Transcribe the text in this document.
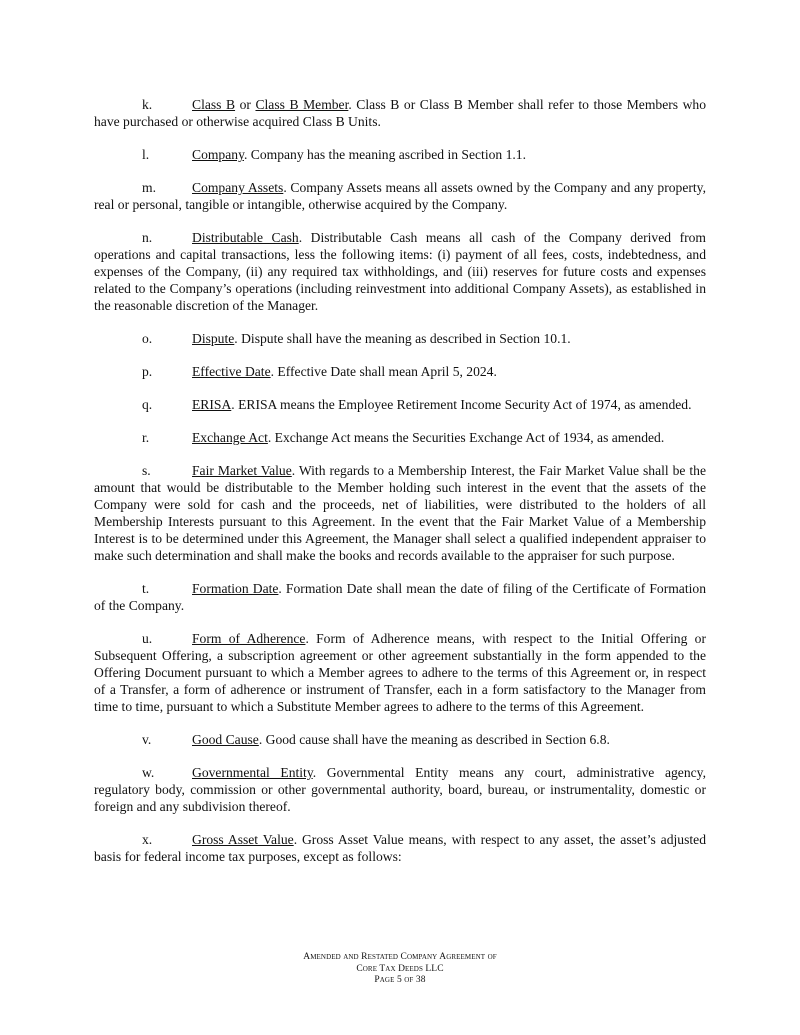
k.	Class B or Class B Member. Class B or Class B Member shall refer to those Members who have purchased or otherwise acquired Class B Units.

l.	Company. Company has the meaning ascribed in Section 1.1.

m.	Company Assets. Company Assets means all assets owned by the Company and any property, real or personal, tangible or intangible, otherwise acquired by the Company.

n.	Distributable Cash. Distributable Cash means all cash of the Company derived from operations and capital transactions, less the following items: (i) payment of all fees, costs, indebtedness, and expenses of the Company, (ii) any required tax withholdings, and (iii) reserves for future costs and expenses related to the Company’s operations (including reinvestment into additional Company Assets), as established in the reasonable discretion of the Manager.

o.	Dispute. Dispute shall have the meaning as described in Section 10.1.

p.	Effective Date. Effective Date shall mean April 5, 2024.

q.	ERISA. ERISA means the Employee Retirement Income Security Act of 1974, as amended.

r.	Exchange Act. Exchange Act means the Securities Exchange Act of 1934, as amended.

s.	Fair Market Value. With regards to a Membership Interest, the Fair Market Value shall be the amount that would be distributable to the Member holding such interest in the event that the assets of the Company were sold for cash and the proceeds, net of liabilities, were distributed to the holders of all Membership Interests pursuant to this Agreement. In the event that the Fair Market Value of a Membership Interest is to be determined under this Agreement, the Manager shall select a qualified independent appraiser to make such determination and shall make the books and records available to the appraiser for such purpose.

t.	Formation Date. Formation Date shall mean the date of filing of the Certificate of Formation of the Company.

u.	Form of Adherence. Form of Adherence means, with respect to the Initial Offering or Subsequent Offering, a subscription agreement or other agreement substantially in the form appended to the Offering Document pursuant to which a Member agrees to adhere to the terms of this Agreement or, in respect of a Transfer, a form of adherence or instrument of Transfer, each in a form satisfactory to the Manager from time to time, pursuant to which a Substitute Member agrees to adhere to the terms of this Agreement.

v.	Good Cause. Good cause shall have the meaning as described in Section 6.8.

w.	Governmental Entity. Governmental Entity means any court, administrative agency, regulatory body, commission or other governmental authority, board, bureau, or instrumentality, domestic or foreign and any subdivision thereof.

x.	Gross Asset Value. Gross Asset Value means, with respect to any asset, the asset’s adjusted basis for federal income tax purposes, except as follows:

Amended and Restated Company Agreement of
Core Tax Deeds LLC
Page 5 of 38
